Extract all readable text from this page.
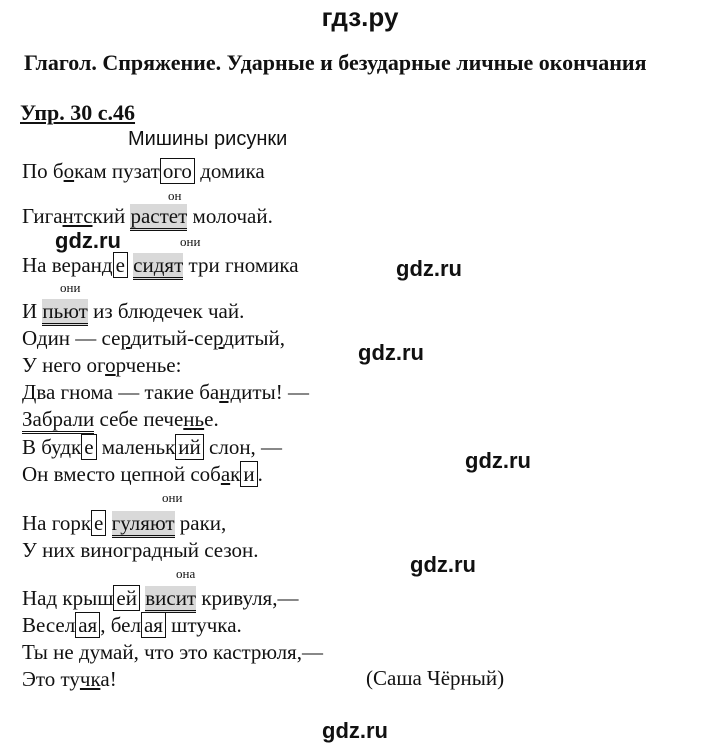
гдз.ру
Глагол. Спряжение. Ударные и безударные личные окончания
Упр. 30 с.46
Мишины рисунки
По бокам пузат ого домика
он
Гигантский растет молочай.
gdz.ru	они
На веранд е сидят три гномика	gdz.ru
они
И пьют из блюдечек чай.
Один — сердитый-сердитый,
gdz.ru
У него огорченье:
Два гнома — такие бандиты! —
Забрали себе печенье.
В будк е маленьк ий слон, —
gdz.ru
Он вместо цепной собак и .
они
На горк е гуляют раки,
У них виноградный сезон.
gdz.ru
она
Над крыш ей висит кривуля,—
Весел ая , бел ая штучка.
Ты не думай, что это кастрюля,—
Это тучка!	(Саша Чёрный)
gdz.ru
